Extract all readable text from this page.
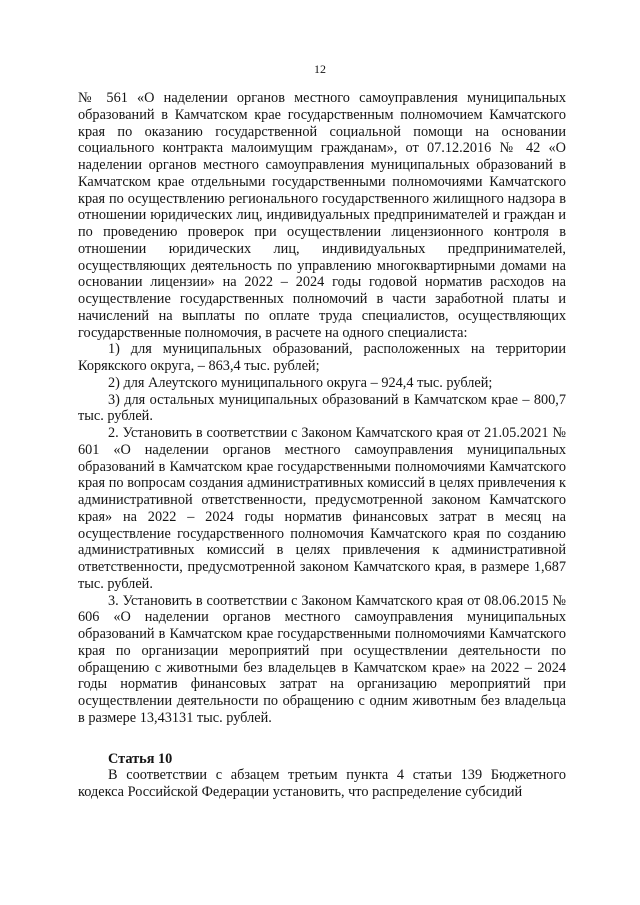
12

№ 561 «О наделении органов местного самоуправления муниципальных образований в Камчатском крае государственным полномочием Камчатского края по оказанию государственной социальной помощи на основании социального контракта малоимущим гражданам», от 07.12.2016 № 42 «О наделении органов местного самоуправления муниципальных образований в Камчатском крае отдельными государственными полномочиями Камчатского края по осуществлению регионального государственного жилищного надзора в отношении юридических лиц, индивидуальных предпринимателей и граждан и по проведению проверок при осуществлении лицензионного контроля в отношении юридических лиц, индивидуальных предпринимателей, осуществляющих деятельность по управлению многоквартирными домами на основании лицензии» на 2022 – 2024 годы годовой норматив расходов на осуществление государственных полномочий в части заработной платы и начислений на выплаты по оплате труда специалистов, осуществляющих государственные полномочия, в расчете на одного специалиста:

1) для муниципальных образований, расположенных на территории Корякского округа, – 863,4 тыс. рублей;

2) для Алеутского муниципального округа – 924,4 тыс. рублей;

3) для остальных муниципальных образований в Камчатском крае – 800,7 тыс. рублей.

2. Установить в соответствии с Законом Камчатского края от 21.05.2021 № 601 «О наделении органов местного самоуправления муниципальных образований в Камчатском крае государственными полномочиями Камчатского края по вопросам создания административных комиссий в целях привлечения к административной ответственности, предусмотренной законом Камчатского края» на 2022 – 2024 годы норматив финансовых затрат в месяц на осуществление государственного полномочия Камчатского края по созданию административных комиссий в целях привлечения к административной ответственности, предусмотренной законом Камчатского края, в размере 1,687 тыс. рублей.

3. Установить в соответствии с Законом Камчатского края от 08.06.2015 № 606 «О наделении органов местного самоуправления муниципальных образований в Камчатском крае государственными полномочиями Камчатского края по организации мероприятий при осуществлении деятельности по обращению с животными без владельцев в Камчатском крае» на 2022 – 2024 годы норматив финансовых затрат на организацию мероприятий при осуществлении деятельности по обращению с одним животным без владельца в размере 13,43131 тыс. рублей.

Статья 10

В соответствии с абзацем третьим пункта 4 статьи 139 Бюджетного кодекса Российской Федерации установить, что распределение субсидий
